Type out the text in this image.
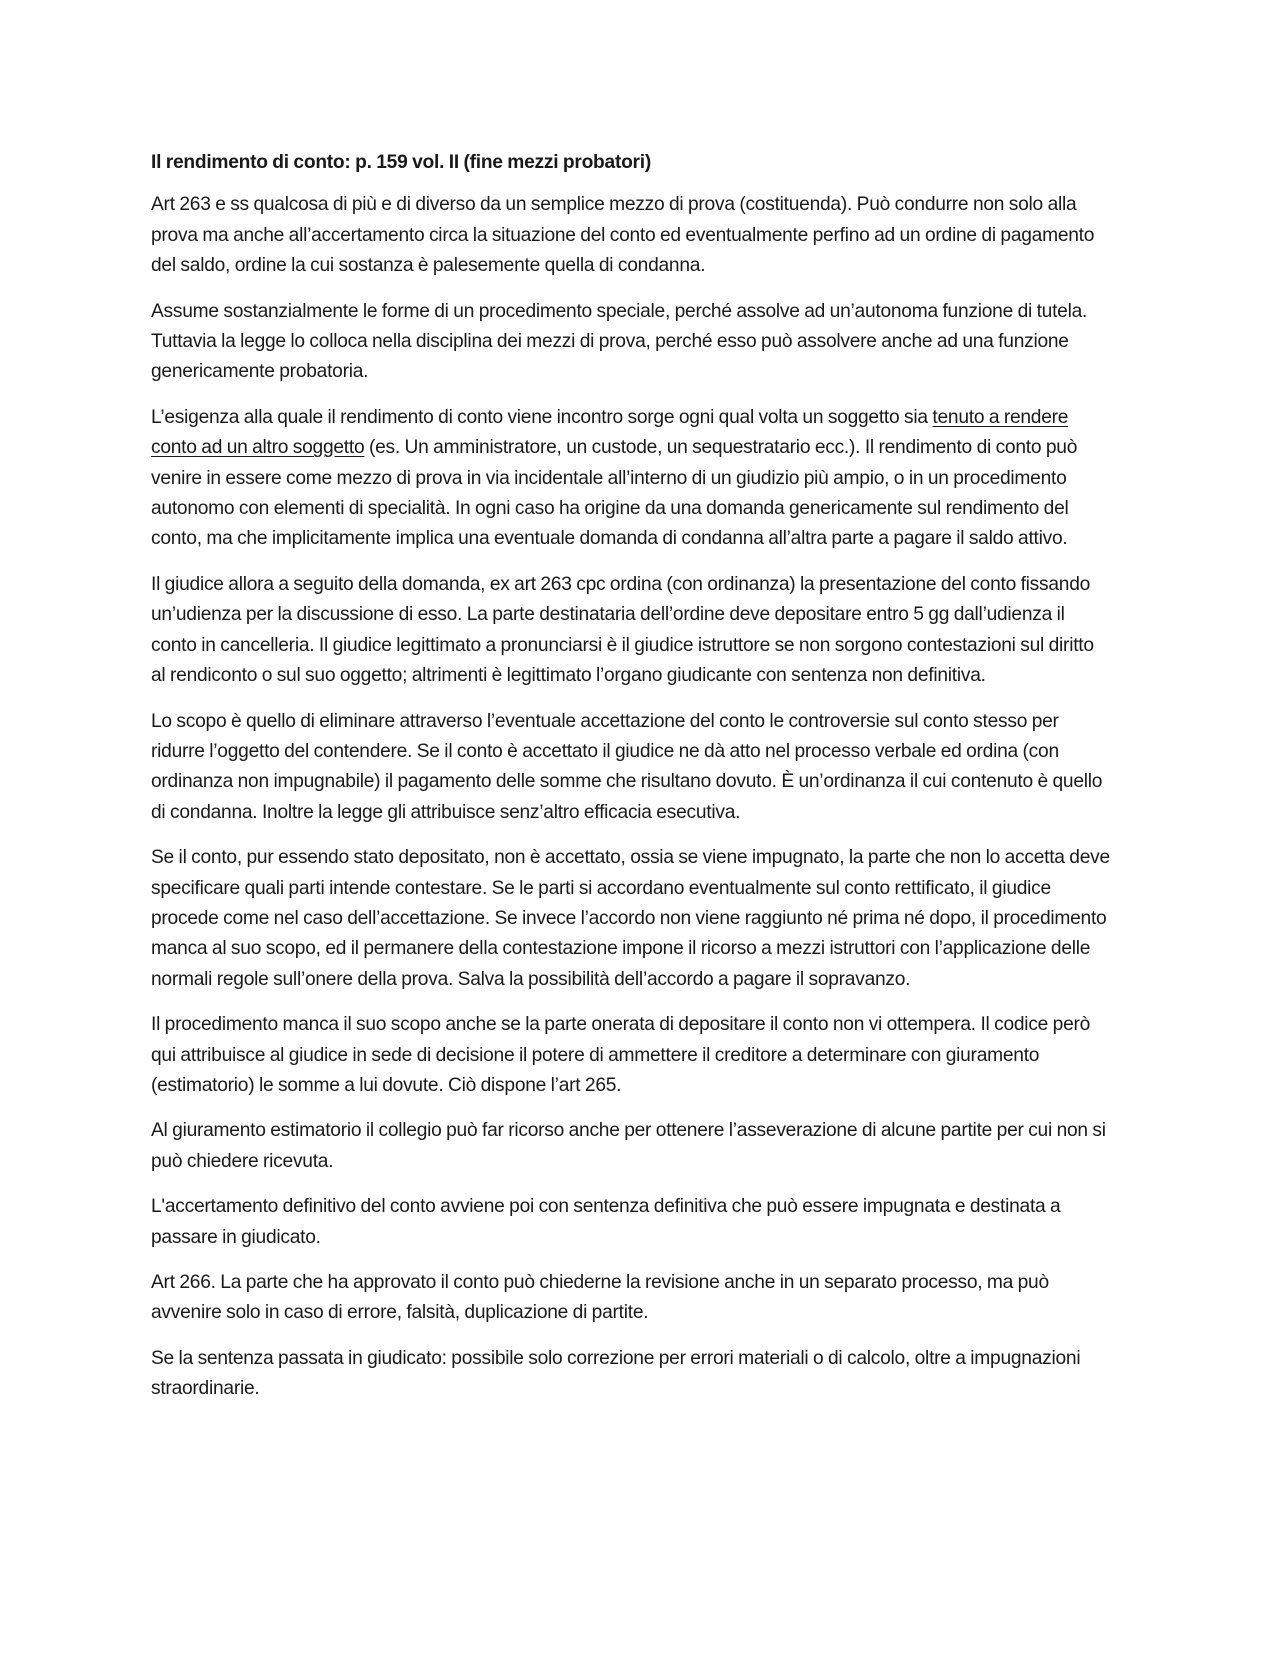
Il rendimento di conto: p. 159 vol. II (fine mezzi probatori)

Art 263 e ss qualcosa di più e di diverso da un semplice mezzo di prova (costituenda). Può condurre non solo alla prova ma anche all’accertamento circa la situazione del conto ed eventualmente perfino ad un ordine di pagamento del saldo, ordine la cui sostanza è palesemente quella di condanna.

Assume sostanzialmente le forme di un procedimento speciale, perché assolve ad un’autonoma funzione di tutela. Tuttavia la legge lo colloca nella disciplina dei mezzi di prova, perché esso può assolvere anche ad una funzione genericamente probatoria.

L’esigenza alla quale il rendimento di conto viene incontro sorge ogni qual volta un soggetto sia tenuto a rendere conto ad un altro soggetto (es. Un amministratore, un custode, un sequestratario ecc.). Il rendimento di conto può venire in essere come mezzo di prova in via incidentale all’interno di un giudizio più ampio, o in un procedimento autonomo con elementi di specialità. In ogni caso ha origine da una domanda genericamente sul rendimento del conto, ma che implicitamente implica una eventuale domanda di condanna all’altra parte a pagare il saldo attivo.

Il giudice allora a seguito della domanda, ex art 263 cpc ordina (con ordinanza) la presentazione del conto fissando un’udienza per la discussione di esso. La parte destinataria dell’ordine deve depositare entro 5 gg dall’udienza il conto in cancelleria. Il giudice legittimato a pronunciarsi è il giudice istruttore se non sorgono contestazioni sul diritto al rendiconto o sul suo oggetto; altrimenti è legittimato l’organo giudicante con sentenza non definitiva.

Lo scopo è quello di eliminare attraverso l’eventuale accettazione del conto le controversie sul conto stesso per ridurre l’oggetto del contendere. Se il conto è accettato il giudice ne dà atto nel processo verbale ed ordina (con ordinanza non impugnabile) il pagamento delle somme che risultano dovuto. È un’ordinanza il cui contenuto è quello di condanna. Inoltre la legge gli attribuisce senz’altro efficacia esecutiva.

Se il conto, pur essendo stato depositato, non è accettato, ossia se viene impugnato, la parte che non lo accetta deve specificare quali parti intende contestare. Se le parti si accordano eventualmente sul conto rettificato, il giudice procede come nel caso dell’accettazione. Se invece l’accordo non viene raggiunto né prima né dopo, il procedimento manca al suo scopo, ed il permanere della contestazione impone il ricorso a mezzi istruttori con l’applicazione delle normali regole sull’onere della prova. Salva la possibilità dell’accordo a pagare il sopravanzo.

Il procedimento manca il suo scopo anche se la parte onerata di depositare il conto non vi ottempera. Il codice però qui attribuisce al giudice in sede di decisione il potere di ammettere il creditore a determinare con giuramento (estimatorio) le somme a lui dovute. Ciò dispone l’art 265.

Al giuramento estimatorio il collegio può far ricorso anche per ottenere l’asseverazione di alcune partite per cui non si può chiedere ricevuta.

L'accertamento definitivo del conto avviene poi con sentenza definitiva che può essere impugnata e destinata a passare in giudicato.

Art 266. La parte che ha approvato il conto può chiederne la revisione anche in un separato processo, ma può avvenire solo in caso di errore, falsità, duplicazione di partite.

Se la sentenza passata in giudicato: possibile solo correzione per errori materiali o di calcolo, oltre a impugnazioni straordinarie.
